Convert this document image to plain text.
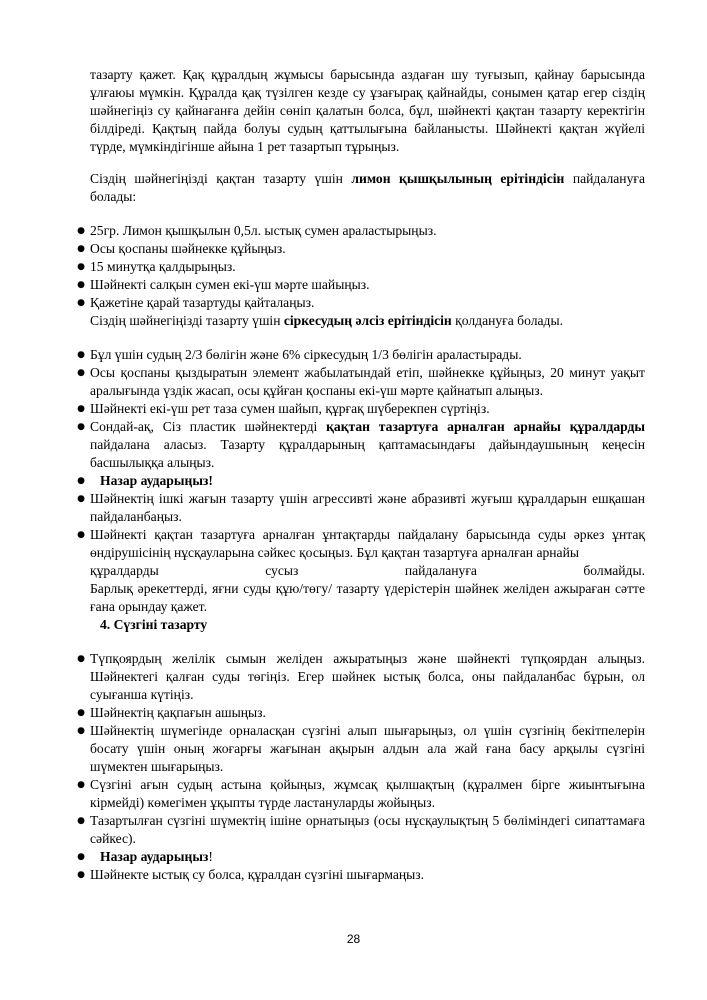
тазарту қажет. Қақ құралдың жұмысы барысында аздаған шу туғызып, қайнау барысында ұлғаюы мүмкін. Құралда қақ түзілген кезде су ұзағырақ қайнайды, сонымен қатар егер сіздің шәйнегіңіз су қайнағанға дейін сөніп қалатын болса, бұл, шәйнекті қақтан тазарту керектігін білдіреді. Қақтың пайда болуы судың қаттылығына байланысты. Шәйнекті қақтан жүйелі түрде, мүмкіндігінше айына 1 рет тазартып тұрыңыз.

Сіздің шәйнегіңізді қақтан тазарту үшін лимон қышқылының ерітіндісін пайдалануға болады:

● 25гр. Лимон қышқылын 0,5л. ыстық сумен араластырыңыз.
● Осы қоспаны шәйнекке құйыңыз.
● 15 минутқа қалдырыңыз.
● Шәйнекті салқын сумен екі-үш мәрте шайыңыз.
● Қажетіне қарай тазартуды қайталаңыз.

Сіздің шәйнегіңізді тазарту үшін сіркесудың әлсіз ерітіндісін қолдануға болады.

● Бұл үшін судың 2/3 бөлігін және 6% сіркесудың 1/3 бөлігін араластырады.
● Осы қоспаны қыздыратын элемент жабылатындай етіп, шәйнекке құйыңыз, 20 минут уақыт аралығында үздік жасап, осы құйған қоспаны екі-үш мәрте қайнатып алыңыз.
● Шәйнекті екі-үш рет таза сумен шайып, құрғақ шүберекпен сүртіңіз.
● Сондай-ақ, Сіз пластик шәйнектерді қақтан тазартуға арналған арнайы құралдарды пайдалана аласыз. Тазарту құралдарының қаптамасындағы дайындаушының кеңесін басшылыққа алыңыз.
● Назар аударыңыз!
● Шәйнектің ішкі жағын тазарту үшін агрессивті және абразивті жуғыш құралдарын ешқашан пайдаланбаңыз.
● Шәйнекті қақтан тазартуға арналған ұнтақтарды пайдалану барысында суды әркез ұнтақ өндірушісінің нұсқауларына сәйкес қосыңыз. Бұл қақтан тазартуға арналған арнайы
құралдарды	сусыз	пайдалануға	болмайды.
Барлық әрекеттерді, яғни суды құю/төгу/ тазарту үдерістерін шәйнек желіден ажыраған сәтте ғана орындау қажет.

4. Сүзгіні тазарту

● Түпқоярдың желілік сымын желіден ажыратыңыз және шәйнекті түпқоярдан алыңыз. Шәйнектегі қалған суды төгіңіз. Егер шәйнек ыстық болса, оны пайдаланбас бұрын, ол суығанша күтіңіз.
● Шәйнектің қақпағын ашыңыз.
● Шәйнектің шүмегінде орналасқан сүзгіні алып шығарыңыз, ол үшін сүзгінің бекітпелерін босату үшін оның жоғарғы жағынан ақырын алдын ала жай ғана басу арқылы сүзгіні шүмектен шығарыңыз.
● Сүзгіні ағын судың астына қойыңыз, жұмсақ қылшақтың (құралмен бірге жиынтығына кірмейді) көмегімен ұқыпты түрде ластануларды жойыңыз.
● Тазартылған сүзгіні шүмектің ішіне орнатыңыз (осы нұсқаулықтың 5 бөліміндегі сипаттамаға сәйкес).
● Назар аударыңыз!
● Шәйнекте ыстық су болса, құралдан сүзгіні шығармаңыз.
28
